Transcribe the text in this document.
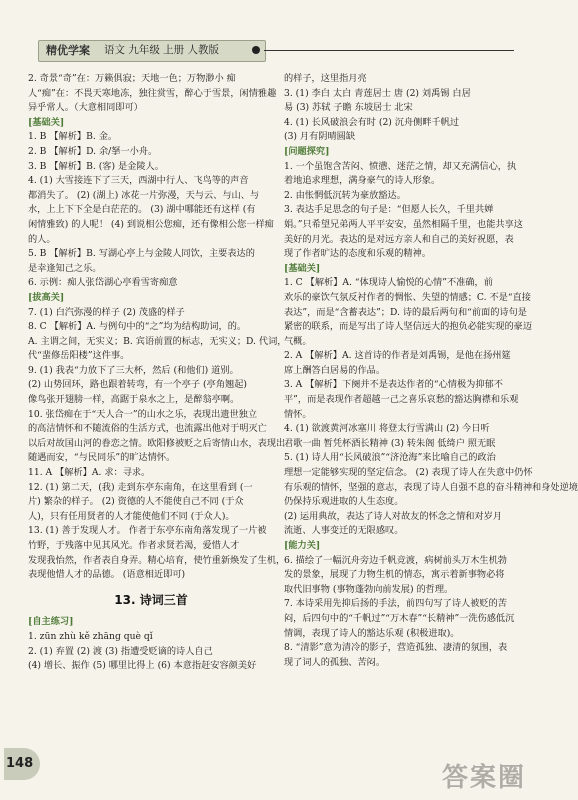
精优学案 语文 九年级 上册 人教版

2. 奇景“奇”在：万籁俱寂；天地一色；万物渺小 痴

人“痴”在：不畏天寒地冻，独往赏雪，醉心于雪景，闲情雅趣

异乎常人。（大意相同即可）

[基础关]

1. B 【解析】B. 金。

2. B 【解析】D. 余/拏一小舟。

3. B 【解析】B. (客) 是金陵人。

4. (1) 大雪接连下了三天，西湖中行人、飞鸟等的声音

都消失了。 (2) (湖上) 冰花一片弥漫，天与云、与山、与

水，上上下下全是白茫茫的。 (3) 湖中哪能还有这样 (有

闲情雅致) 的人呢！ (4) 到说相公您痴，还有像相公您一样痴

的人。

5. B 【解析】B. 写湖心亭上与金陵人同饮，主要表达的

是幸逢知己之乐。

6. 示例：痴人张岱湖心亭看雪寄痴意

[拔高关]

7. (1) 白汽弥漫的样子 (2) 茂盛的样子

8. C 【解析】A. 与例句中的“之”均为结构助词，的。

A. 主谓之间，无实义；B. 宾语前置的标志，无实义；D. 代词，

代“蜚修岳阳楼”这件事。

9. (1) 我表“力放下了三大杯，然后 (和他们) 道别。

(2) 山势回环，路也跟着转弯，有一个亭子 (亭角翘起)

像鸟张开翅膀一样，高踞于泉水之上，是醉翁亭啊。

10. 张岱痴在于“天人合一”的山水之乐，表现出遗世独立

的高洁情怀和不随流俗的生活方式，也流露出他对于明灭亡

以后对故国山河的眷恋之情。欧阳修被贬之后寄情山水，表现出

随遇而安，“与民同乐”的旷达情怀。

11. A 【解析】A. 求：寻求。

12. (1) 第二天，(我) 走到东亭东南角，在这里看到 (一

片) 繁杂的样子。 (2) 资德的人不能使自己不同 (于众

人)，只有任用贤者的人才能使他们不同 (于众人)。

13. (1) 善于发现人才。 作者于东亭东南角落发现了一片被

竹野，于残落中见其风光。作者求贤若渴，爱惜人才

发现我怡然，作者表自身弄。精心培育，使竹重新焕发了生机，

表现他惜人才的品德。 (语意相近即可)

13. 诗词三首

[自主练习]

1. zūn zhù kě zhāng què qǐ

2. (1) 弃置 (2) 渡 (3) 指遭受贬谪的诗人自己

(4) 增长、振作 (5) 哪里比得上 (6) 本意指赶安容颜美好

的样子，这里指月亮

3. (1) 李白 太白 青莲居士 唐 (2) 刘禹锡 白居

易 (3) 苏轼 子瞻 东坡居士 北宋

4. (1) 长风破浪会有时 (2) 沉舟侧畔千帆过

(3) 月有阴晴圆缺

[问题探究]

1. 一个虽饱含苦闷、愤懑、迷茫之情，却又充满信心，执

着地追求理想，满身豪气的诗人形象。

2. 由怅惘低沉转为豪放豁达。

3. 表达手足思念的句子是：“但愿人长久，千里共婵

娟。”只希望兄弟两人平平安安，虽然相隔千里，也能共享这

美好的月光。表达的是对远方亲人和自己的美好祝愿，表

现了作者旷达的态度和乐观的精神。

[基础关]

1. C 【解析】A. “体现诗人愉悦的心情”不准确，前

欢乐的豪饮气氛反衬作者的惆怅、失望的情感；C. 不是“直接

表达”，而是“含蓄表达”；D. 诗的最后两句和“前面的诗句是

紧密的联系，而是写出了诗人坚信远大的抱负必能实现的豪迈

气概。

2. A 【解析】A. 这首诗的作者是刘禹锡，是他在扬州筵

席上酬答白居易的作品。

3. A 【解析】下阕并不是表达作者的“心情极为抑郁不

平”，而是表现作者超越一己之喜乐哀愁的豁达胸襟和乐观

情怀。

4. (1) 欲渡黄河冰塞川 将登太行雪满山 (2) 今日听

君歌一曲 暂凭杯酒长精神 (3) 转朱阁 低绮户 照无眠

5. (1) 诗人用“长风破浪”“济沧海”来比喻自己的政治

理想一定能够实现的坚定信念。 (2) 表现了诗人在失意中仍怀

有乐观的情怀，坚强的意志，表现了诗人自强不息的奋斗精神和身处逆境

仍保持乐观进取的人生态度。

(2) 运用典故，表达了诗人对故友的怀念之情和对岁月

流逝、人事变迁的无限感叹。

[能力关]

6. 描绘了一幅沉舟旁边千帆竞渡，病树前头万木生机勃

发的景象，展现了力物生机的情态，寓示着新事物必将

取代旧事物 (事物蓬勃向前发展) 的哲理。

7. 本诗采用先抑后扬的手法，前四句写了诗人被贬的苦

闷，后四句中的“千帆过”“万木春”“长精神”一洗伤感低沉

情调，表现了诗人的豁达乐观 (积极进取)。

8. “清影”意为清冷的影子，营造孤独、凄清的氛围，表

现了词人的孤独、苦闷。

148	答案圈
